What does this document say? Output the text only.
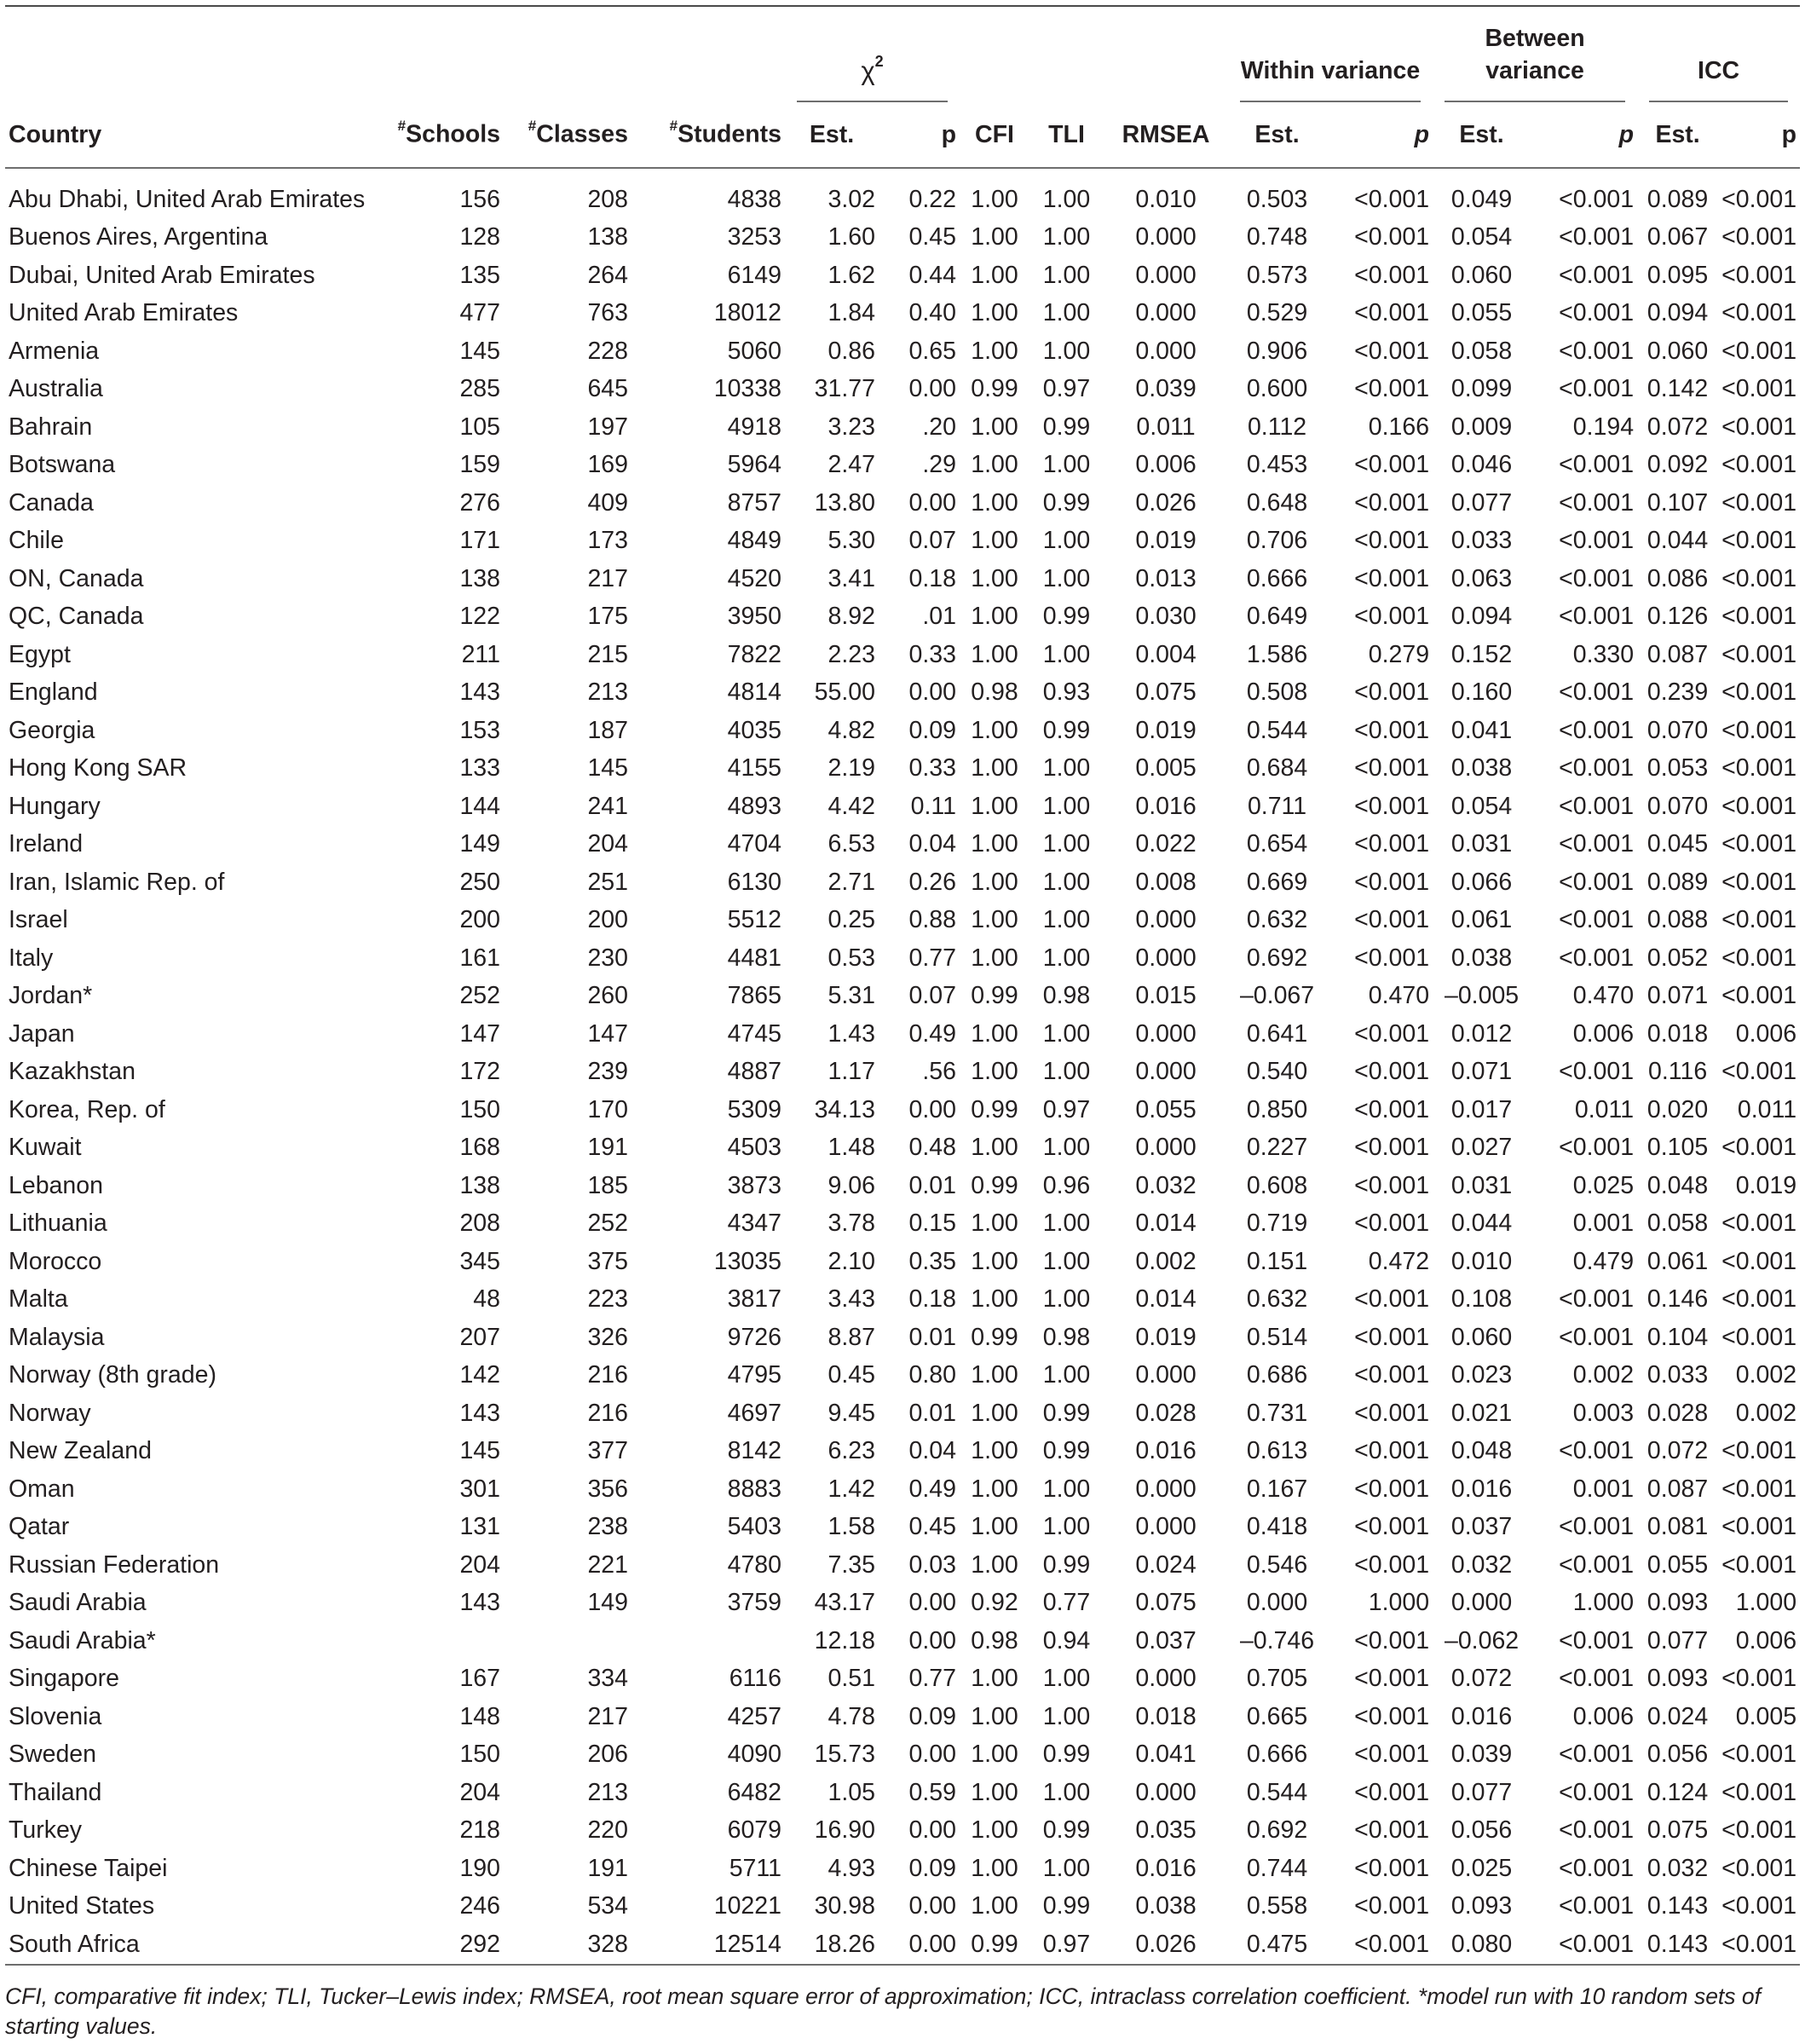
				$\chi^2$					Within variance		Between variance		ICC	

Country	#Schools	#Classes	#Students	Est.	p	CFI	TLI	RMSEA	Est.	p	Est.	p	Est.	p
Abu Dhabi, United Arab Emirates	156	208	4838	3.02	0.22	1.00	1.00	0.010	0.503	<0.001	0.049	<0.001	0.089	<0.001
Buenos Aires, Argentina	128	138	3253	1.60	0.45	1.00	1.00	0.000	0.748	<0.001	0.054	<0.001	0.067	<0.001
Dubai, United Arab Emirates	135	264	6149	1.62	0.44	1.00	1.00	0.000	0.573	<0.001	0.060	<0.001	0.095	<0.001
United Arab Emirates	477	763	18012	1.84	0.40	1.00	1.00	0.000	0.529	<0.001	0.055	<0.001	0.094	<0.001
Armenia	145	228	5060	0.86	0.65	1.00	1.00	0.000	0.906	<0.001	0.058	<0.001	0.060	<0.001
Australia	285	645	10338	31.77	0.00	0.99	0.97	0.039	0.600	<0.001	0.099	<0.001	0.142	<0.001
Bahrain	105	197	4918	3.23	.20	1.00	0.99	0.011	0.112	0.166	0.009	0.194	0.072	<0.001
Botswana	159	169	5964	2.47	.29	1.00	1.00	0.006	0.453	<0.001	0.046	<0.001	0.092	<0.001
Canada	276	409	8757	13.80	0.00	1.00	0.99	0.026	0.648	<0.001	0.077	<0.001	0.107	<0.001
Chile	171	173	4849	5.30	0.07	1.00	1.00	0.019	0.706	<0.001	0.033	<0.001	0.044	<0.001
ON, Canada	138	217	4520	3.41	0.18	1.00	1.00	0.013	0.666	<0.001	0.063	<0.001	0.086	<0.001
QC, Canada	122	175	3950	8.92	.01	1.00	0.99	0.030	0.649	<0.001	0.094	<0.001	0.126	<0.001
Egypt	211	215	7822	2.23	0.33	1.00	1.00	0.004	1.586	0.279	0.152	0.330	0.087	<0.001
England	143	213	4814	55.00	0.00	0.98	0.93	0.075	0.508	<0.001	0.160	<0.001	0.239	<0.001
Georgia	153	187	4035	4.82	0.09	1.00	0.99	0.019	0.544	<0.001	0.041	<0.001	0.070	<0.001
Hong Kong SAR	133	145	4155	2.19	0.33	1.00	1.00	0.005	0.684	<0.001	0.038	<0.001	0.053	<0.001
Hungary	144	241	4893	4.42	0.11	1.00	1.00	0.016	0.711	<0.001	0.054	<0.001	0.070	<0.001
Ireland	149	204	4704	6.53	0.04	1.00	1.00	0.022	0.654	<0.001	0.031	<0.001	0.045	<0.001
Iran, Islamic Rep. of	250	251	6130	2.71	0.26	1.00	1.00	0.008	0.669	<0.001	0.066	<0.001	0.089	<0.001
Israel	200	200	5512	0.25	0.88	1.00	1.00	0.000	0.632	<0.001	0.061	<0.001	0.088	<0.001
Italy	161	230	4481	0.53	0.77	1.00	1.00	0.000	0.692	<0.001	0.038	<0.001	0.052	<0.001
Jordan*	252	260	7865	5.31	0.07	0.99	0.98	0.015	–0.067	0.470	–0.005	0.470	0.071	<0.001
Japan	147	147	4745	1.43	0.49	1.00	1.00	0.000	0.641	<0.001	0.012	0.006	0.018	0.006
Kazakhstan	172	239	4887	1.17	.56	1.00	1.00	0.000	0.540	<0.001	0.071	<0.001	0.116	<0.001
Korea, Rep. of	150	170	5309	34.13	0.00	0.99	0.97	0.055	0.850	<0.001	0.017	0.011	0.020	0.011
Kuwait	168	191	4503	1.48	0.48	1.00	1.00	0.000	0.227	<0.001	0.027	<0.001	0.105	<0.001
Lebanon	138	185	3873	9.06	0.01	0.99	0.96	0.032	0.608	<0.001	0.031	0.025	0.048	0.019
Lithuania	208	252	4347	3.78	0.15	1.00	1.00	0.014	0.719	<0.001	0.044	0.001	0.058	<0.001
Morocco	345	375	13035	2.10	0.35	1.00	1.00	0.002	0.151	0.472	0.010	0.479	0.061	<0.001
Malta	48	223	3817	3.43	0.18	1.00	1.00	0.014	0.632	<0.001	0.108	<0.001	0.146	<0.001
Malaysia	207	326	9726	8.87	0.01	0.99	0.98	0.019	0.514	<0.001	0.060	<0.001	0.104	<0.001
Norway (8th grade)	142	216	4795	0.45	0.80	1.00	1.00	0.000	0.686	<0.001	0.023	0.002	0.033	0.002
Norway	143	216	4697	9.45	0.01	1.00	0.99	0.028	0.731	<0.001	0.021	0.003	0.028	0.002
New Zealand	145	377	8142	6.23	0.04	1.00	0.99	0.016	0.613	<0.001	0.048	<0.001	0.072	<0.001
Oman	301	356	8883	1.42	0.49	1.00	1.00	0.000	0.167	<0.001	0.016	0.001	0.087	<0.001
Qatar	131	238	5403	1.58	0.45	1.00	1.00	0.000	0.418	<0.001	0.037	<0.001	0.081	<0.001
Russian Federation	204	221	4780	7.35	0.03	1.00	0.99	0.024	0.546	<0.001	0.032	<0.001	0.055	<0.001
Saudi Arabia	143	149	3759	43.17	0.00	0.92	0.77	0.075	0.000	1.000	0.000	1.000	0.093	1.000
Saudi Arabia*				12.18	0.00	0.98	0.94	0.037	–0.746	<0.001	–0.062	<0.001	0.077	0.006
Singapore	167	334	6116	0.51	0.77	1.00	1.00	0.000	0.705	<0.001	0.072	<0.001	0.093	<0.001
Slovenia	148	217	4257	4.78	0.09	1.00	1.00	0.018	0.665	<0.001	0.016	0.006	0.024	0.005
Sweden	150	206	4090	15.73	0.00	1.00	0.99	0.041	0.666	<0.001	0.039	<0.001	0.056	<0.001
Thailand	204	213	6482	1.05	0.59	1.00	1.00	0.000	0.544	<0.001	0.077	<0.001	0.124	<0.001
Turkey	218	220	6079	16.90	0.00	1.00	0.99	0.035	0.692	<0.001	0.056	<0.001	0.075	<0.001
Chinese Taipei	190	191	5711	4.93	0.09	1.00	1.00	0.016	0.744	<0.001	0.025	<0.001	0.032	<0.001
United States	246	534	10221	30.98	0.00	1.00	0.99	0.038	0.558	<0.001	0.093	<0.001	0.143	<0.001
South Africa	292	328	12514	18.26	0.00	0.99	0.97	0.026	0.475	<0.001	0.080	<0.001	0.143	<0.001
CFI, comparative fit index; TLI, Tucker–Lewis index; RMSEA, root mean square error of approximation; ICC, intraclass correlation coefficient. *model run with 10 random sets of starting values.
